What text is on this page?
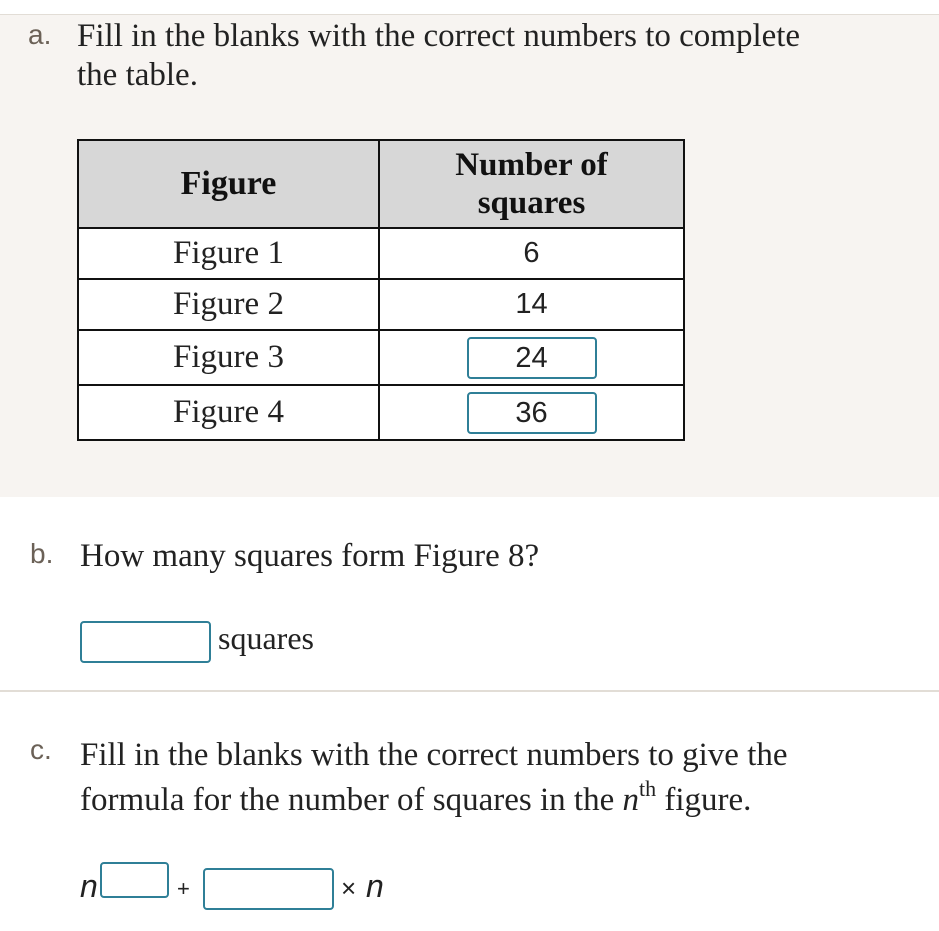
a. Fill in the blanks with the correct numbers to complete
the table.
Figure	Number of
squares

Figure 1	6
Figure 2	14
Figure 3	24
Figure 4	36
b. How many squares form Figure 8?
squares
c. Fill in the blanks with the correct numbers to give the
formula for the number of squares in the $n^{th}$ figure.
n	+	× n
